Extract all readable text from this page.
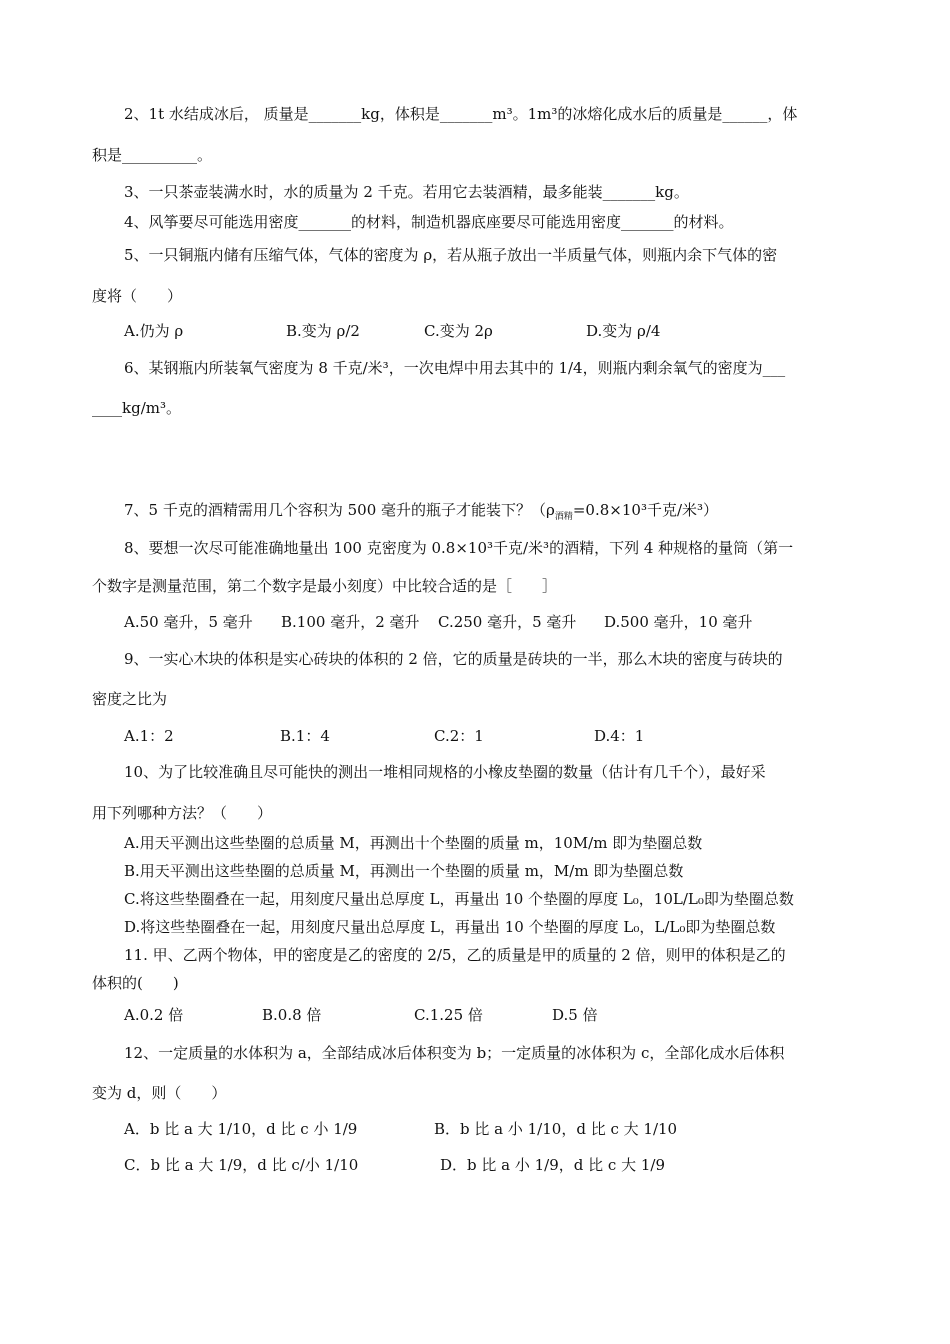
2、1t 水结成冰后， 质量是_______kg，体积是_______m³。1m³的冰熔化成水后的质量是______，体
积是__________。
3、一只茶壶装满水时，水的质量为 2 千克。若用它去装酒精，最多能装_______kg。
4、风筝要尽可能选用密度_______的材料，制造机器底座要尽可能选用密度_______的材料。
5、一只铜瓶内储有压缩气体，气体的密度为 ρ，若从瓶子放出一半质量气体，则瓶内余下气体的密
度将（　　）
A.仍为 ρ	B.变为 ρ/2	C.变为 2ρ	D.变为 ρ/4
6、某钢瓶内所装氧气密度为 8 千克/米³，一次电焊中用去其中的 1/4，则瓶内剩余氧气的密度为___
____kg/m³。
7、5 千克的酒精需用几个容积为 500 毫升的瓶子才能装下？（$\rho_{酒精}=0.8\times 10^3$千克/米³）
8、要想一次尽可能准确地量出 100 克密度为 0.8×10³千克/米³的酒精，下列 4 种规格的量筒（第一
个数字是测量范围，第二个数字是最小刻度）中比较合适的是［　　］
A.50 毫升，5 毫升 B.100 毫升，2 毫升 C.250 毫升，5 毫升 D.500 毫升，10 毫升
9、一实心木块的体积是实心砖块的体积的 2 倍，它的质量是砖块的一半，那么木块的密度与砖块的
密度之比为
A.1：2	B.1：4	C.2：1	D.4：1
10、为了比较准确且尽可能快的测出一堆相同规格的小橡皮垫圈的数量（估计有几千个），最好采
用下列哪种方法？（　　）
A.用天平测出这些垫圈的总质量 M，再测出十个垫圈的质量 m，10M/m 即为垫圈总数
B.用天平测出这些垫圈的总质量 M，再测出一个垫圈的质量 m，M/m 即为垫圈总数
C.将这些垫圈叠在一起，用刻度尺量出总厚度 L，再量出 10 个垫圈的厚度 L₀，10L/L₀即为垫圈总数
D.将这些垫圈叠在一起，用刻度尺量出总厚度 L，再量出 10 个垫圈的厚度 L₀，L/L₀即为垫圈总数
11. 甲、乙两个物体，甲的密度是乙的密度的 2/5，乙的质量是甲的质量的 2 倍，则甲的体积是乙的
体积的(　　)
A.0.2 倍	B.0.8 倍	C.1.25 倍	D.5 倍
12、一定质量的水体积为 a，全部结成冰后体积变为 b；一定质量的冰体积为 c，全部化成水后体积
变为 d，则（　　）
A．b 比 a 大 1/10，d 比 c 小 1/9	B．b 比 a 小 1/10，d 比 c 大 1/10
C．b 比 a 大 1/9，d 比 c/小 1/10	D．b 比 a 小 1/9，d 比 c 大 1/9
